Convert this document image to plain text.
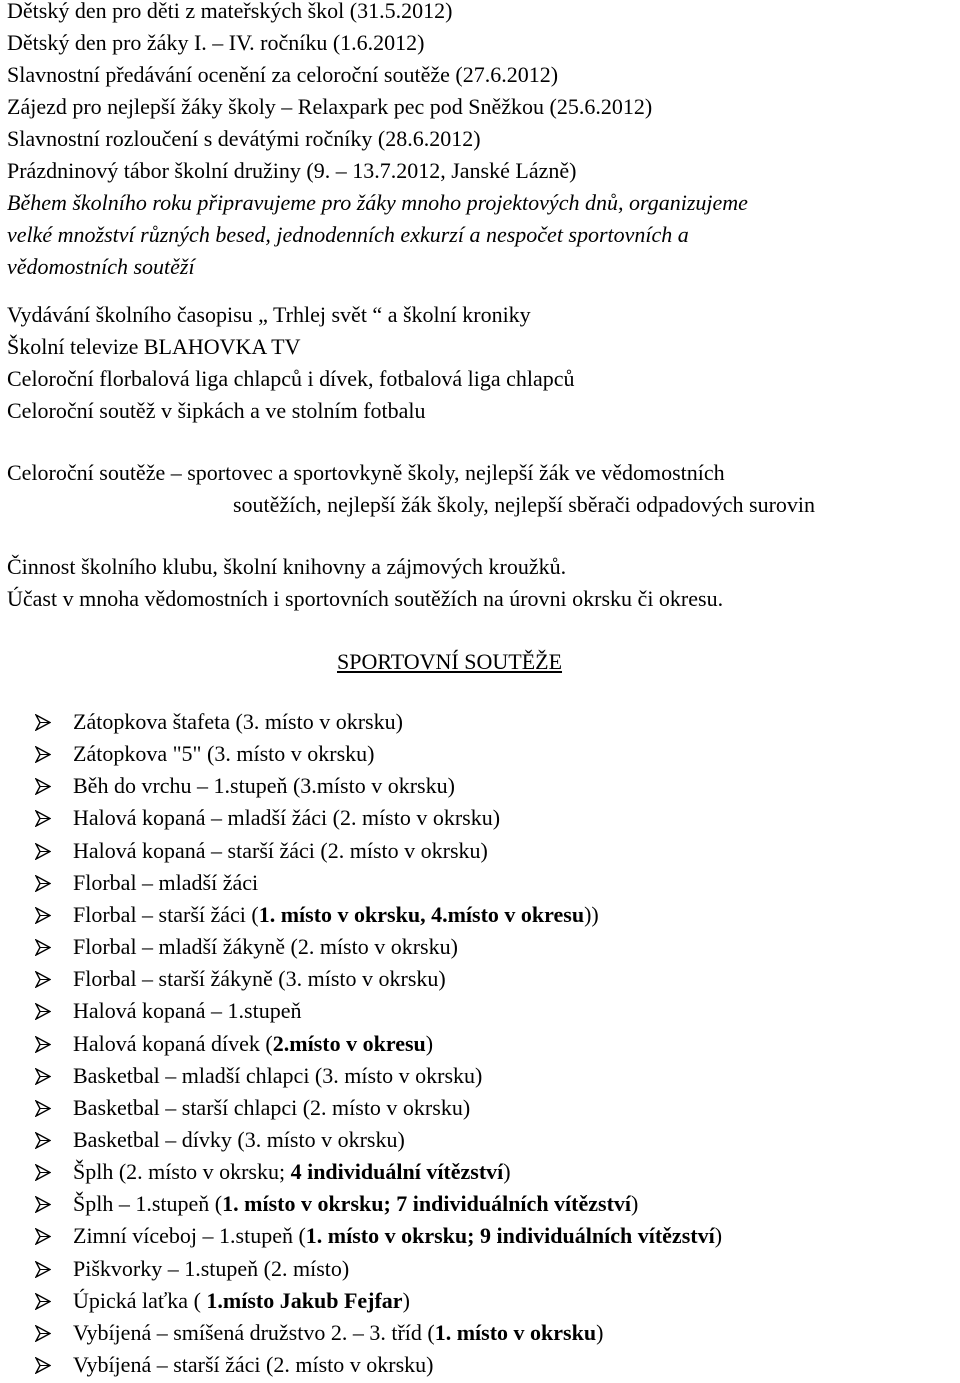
Dětský den pro děti z mateřských škol (31.5.2012)
Dětský den pro žáky I. – IV. ročníku (1.6.2012)
Slavnostní předávání ocenění za celoroční soutěže (27.6.2012)
Zájezd pro nejlepší žáky školy – Relaxpark pec pod Sněžkou (25.6.2012)
Slavnostní rozloučení s devátými ročníky (28.6.2012)
Prázdninový tábor školní družiny (9. – 13.7.2012, Janské Lázně)
Během školního roku připravujeme pro žáky mnoho projektových dnů, organizujeme
velké množství různých besed, jednodenních exkurzí a nespočet sportovních a
vědomostních soutěží
Vydávání školního časopisu „ Trhlej svět “ a školní kroniky
Školní televize BLAHOVKA TV
Celoroční florbalová liga chlapců i dívek, fotbalová liga chlapců
Celoroční soutěž v šipkách a ve stolním fotbalu
Celoroční soutěže – sportovec a sportovkyně školy, nejlepší žák ve vědomostních
soutěžích, nejlepší žák školy, nejlepší sběrači odpadových surovin
Činnost školního klubu, školní knihovny a zájmových kroužků.
Účast v mnoha vědomostních i sportovních soutěžích na úrovni okrsku či okresu.
SPORTOVNÍ SOUTĚŽE
Zátopkova štafeta (3. místo v okrsku)
Zátopkova "5" (3. místo v okrsku)
Běh do vrchu – 1.stupeň (3.místo v okrsku)
Halová kopaná – mladší žáci (2. místo v okrsku)
Halová kopaná – starší žáci (2. místo v okrsku)
Florbal – mladší žáci
Florbal – starší žáci (1. místo v okrsku, 4.místo v okresu))
Florbal – mladší žákyně (2. místo v okrsku)
Florbal – starší žákyně (3. místo v okrsku)
Halová kopaná – 1.stupeň
Halová kopaná dívek (2.místo v okresu)
Basketbal – mladší chlapci (3. místo v okrsku)
Basketbal – starší chlapci (2. místo v okrsku)
Basketbal – dívky (3. místo v okrsku)
Šplh (2. místo v okrsku; 4 individuální vítězství)
Šplh – 1.stupeň (1. místo v okrsku; 7 individuálních vítězství)
Zimní víceboj – 1.stupeň (1. místo v okrsku; 9 individuálních vítězství)
Piškvorky – 1.stupeň (2. místo)
Úpická laťka ( 1.místo Jakub Fejfar)
Vybíjená – smíšená družstvo 2. – 3. tříd (1. místo v okrsku)
Vybíjená – starší žáci (2. místo v okrsku)
